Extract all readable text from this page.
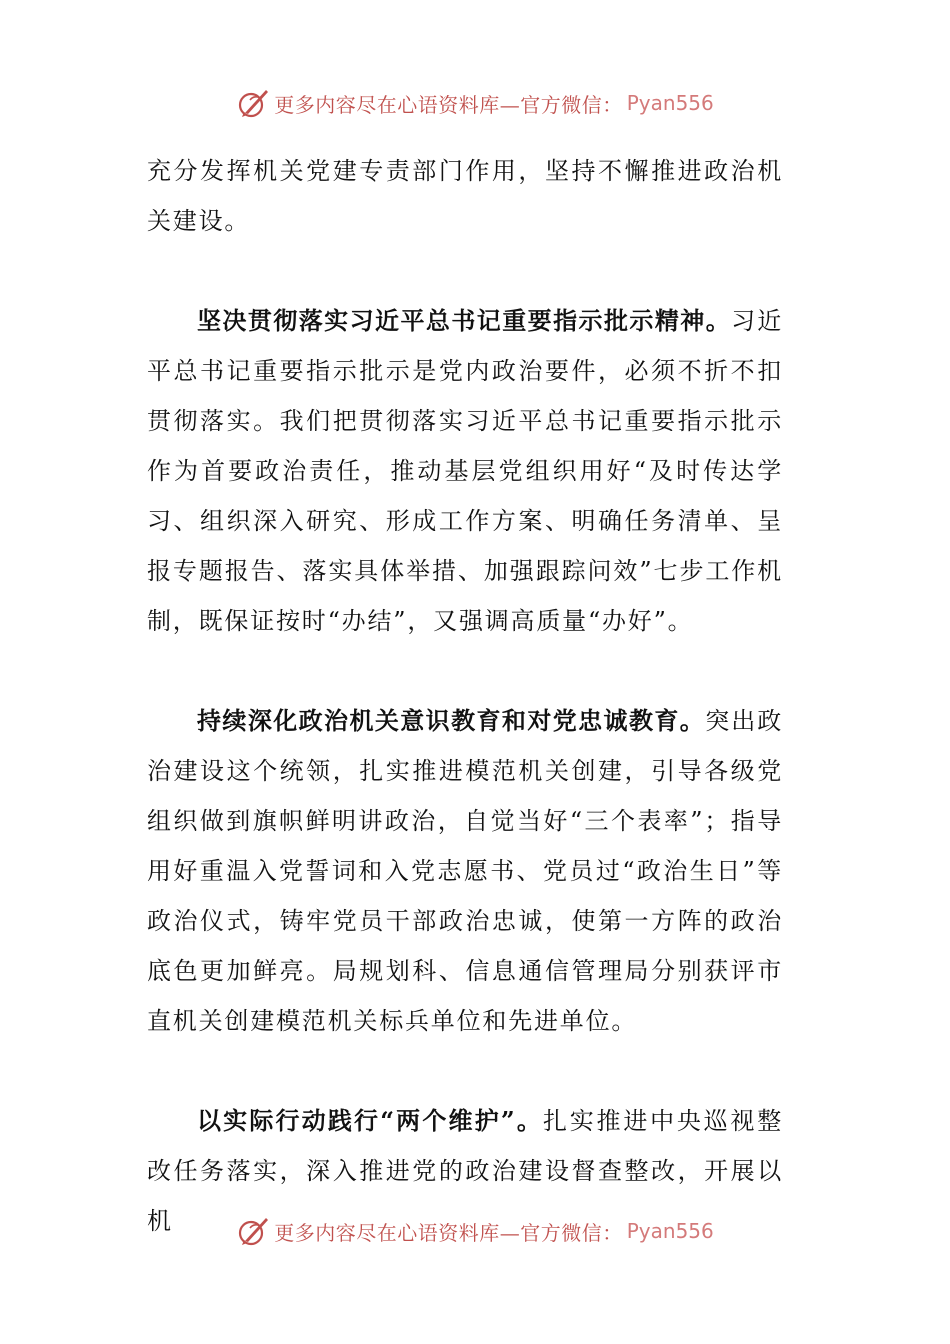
更多内容尽在心语资料库—官方微信： Pyan556

充分发挥机关党建专责部门作用，坚持不懈推进政治机关建设。

坚决贯彻落实习近平总书记重要指示批示精神。习近平总书记重要指示批示是党内政治要件，必须不折不扣贯彻落实。我们把贯彻落实习近平总书记重要指示批示作为首要政治责任，推动基层党组织用好“及时传达学习、组织深入研究、形成工作方案、明确任务清单、呈报专题报告、落实具体举措、加强跟踪问效”七步工作机制，既保证按时“办结”，又强调高质量“办好”。

持续深化政治机关意识教育和对党忠诚教育。突出政治建设这个统领，扎实推进模范机关创建，引导各级党组织做到旗帜鲜明讲政治，自觉当好“三个表率”；指导用好重温入党誓词和入党志愿书、党员过“政治生日”等政治仪式，铸牢党员干部政治忠诚，使第一方阵的政治底色更加鲜亮。局规划科、信息通信管理局分别获评市直机关创建模范机关标兵单位和先进单位。

以实际行动践行“两个维护”。扎实推进中央巡视整改任务落实，深入推进党的政治建设督查整改，开展以机	更多内容尽在心语资料库—官方微信： Pyan556
